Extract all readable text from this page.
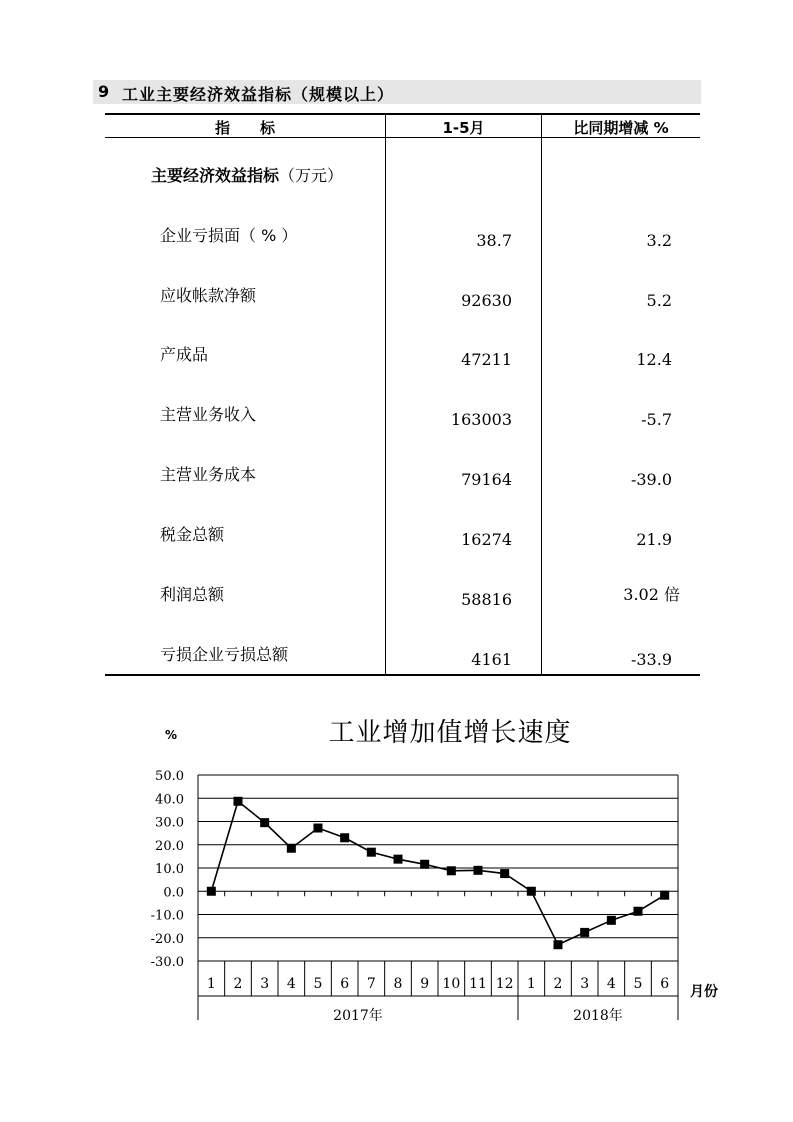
9 工业主要经济效益指标（规模以上）
指　　标	1-5月	比同期增减 %
主要经济效益指标（万元）
企业亏损面（ % ）	38.7	3.2
应收帐款净额	92630	5.2
产成品	47211	12.4
主营业务收入	163003	-5.7
主营业务成本	79164	-39.0
税金总额	16274	21.9
利润总额	58816	3.02 倍
亏损企业亏损总额	4161	-33.9
工业增加值增长速度
%
50.0
40.0
30.0
20.0
10.0
0.0
-10.0
-20.0
-30.0
1 2 3 4 5 6 7 8 9 10 11 12 1 2 3 4 5 6
2017年	2018年
月份
